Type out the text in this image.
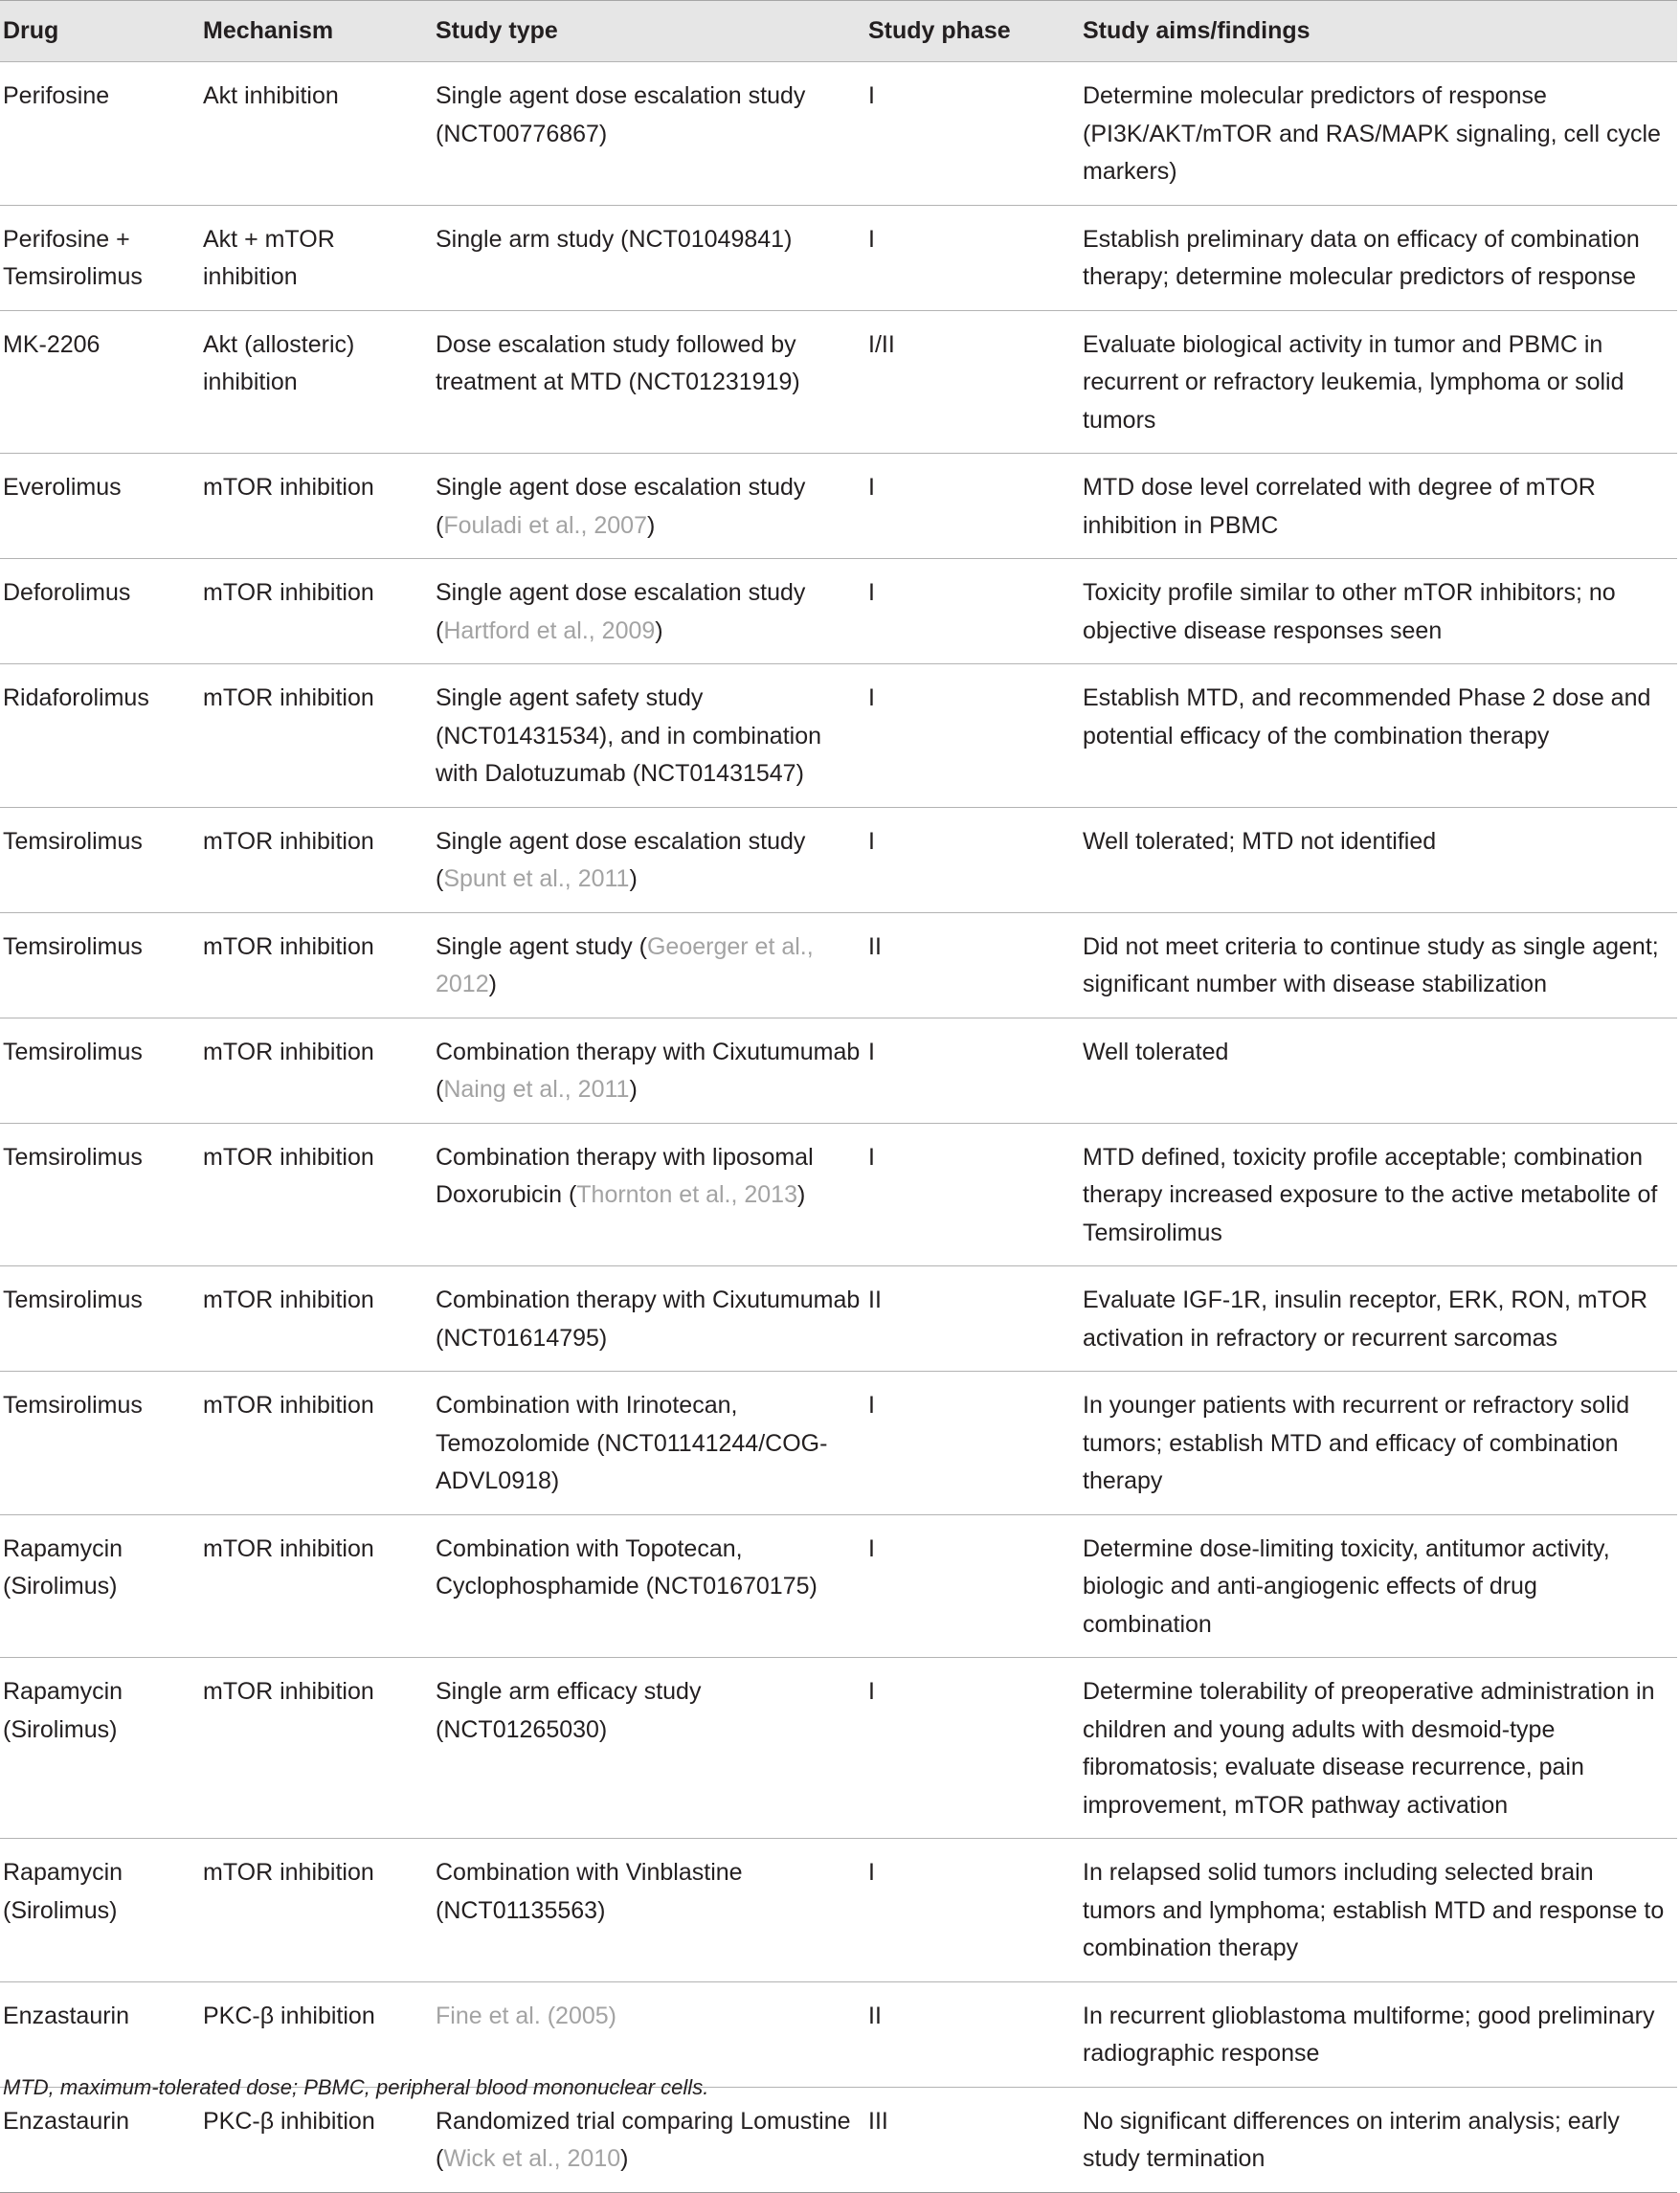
Drug	Mechanism	Study type	Study phase	Study aims/findings
Perifosine	Akt inhibition	Single agent dose escalation study (NCT00776867)	I	Determine molecular predictors of response (PI3K/AKT/mTOR and RAS/MAPK signaling, cell cycle markers)

Perifosine + Temsirolimus	Akt + mTOR inhibition	Single arm study (NCT01049841)	I	Establish preliminary data on efficacy of combination therapy; determine molecular predictors of response

MK-2206	Akt (allosteric) inhibition	Dose escalation study followed by treatment at MTD (NCT01231919)	I/II	Evaluate biological activity in tumor and PBMC in recurrent or refractory leukemia, lymphoma or solid tumors

Everolimus	mTOR inhibition	Single agent dose escalation study (Fouladi et al., 2007)	I	MTD dose level correlated with degree of mTOR inhibition in PBMC

Deforolimus	mTOR inhibition	Single agent dose escalation study (Hartford et al., 2009)	I	Toxicity profile similar to other mTOR inhibitors; no objective disease responses seen

Ridaforolimus	mTOR inhibition	Single agent safety study (NCT01431534), and in combination with Dalotuzumab (NCT01431547)	I	Establish MTD, and recommended Phase 2 dose and potential efficacy of the combination therapy

Temsirolimus	mTOR inhibition	Single agent dose escalation study (Spunt et al., 2011)	I	Well tolerated; MTD not identified

Temsirolimus	mTOR inhibition	Single agent study (Geoerger et al., 2012)	II	Did not meet criteria to continue study as single agent; significant number with disease stabilization

Temsirolimus	mTOR inhibition	Combination therapy with Cixutumumab (Naing et al., 2011)	I	Well tolerated

Temsirolimus	mTOR inhibition	Combination therapy with liposomal Doxorubicin (Thornton et al., 2013)	I	MTD defined, toxicity profile acceptable; combination therapy increased exposure to the active metabolite of Temsirolimus

Temsirolimus	mTOR inhibition	Combination therapy with Cixutumumab (NCT01614795)	II	Evaluate IGF-1R, insulin receptor, ERK, RON, mTOR activation in refractory or recurrent sarcomas

Temsirolimus	mTOR inhibition	Combination with Irinotecan, Temozolomide (NCT01141244/COG-ADVL0918)	I	In younger patients with recurrent or refractory solid tumors; establish MTD and efficacy of combination therapy

Rapamycin (Sirolimus)	mTOR inhibition	Combination with Topotecan, Cyclophosphamide (NCT01670175)	I	Determine dose-limiting toxicity, antitumor activity, biologic and anti-angiogenic effects of drug combination

Rapamycin (Sirolimus)	mTOR inhibition	Single arm efficacy study (NCT01265030)	I	Determine tolerability of preoperative administration in children and young adults with desmoid-type fibromatosis; evaluate disease recurrence, pain improvement, mTOR pathway activation

Rapamycin (Sirolimus)	mTOR inhibition	Combination with Vinblastine (NCT01135563)	I	In relapsed solid tumors including selected brain tumors and lymphoma; establish MTD and response to combination therapy

Enzastaurin	PKC-β inhibition	Fine et al. (2005)	II	In recurrent glioblastoma multiforme; good preliminary radiographic response

Enzastaurin	PKC-β inhibition	Randomized trial comparing Lomustine (Wick et al., 2010)	III	No significant differences on interim analysis; early study termination
MTD, maximum-tolerated dose; PBMC, peripheral blood mononuclear cells.
